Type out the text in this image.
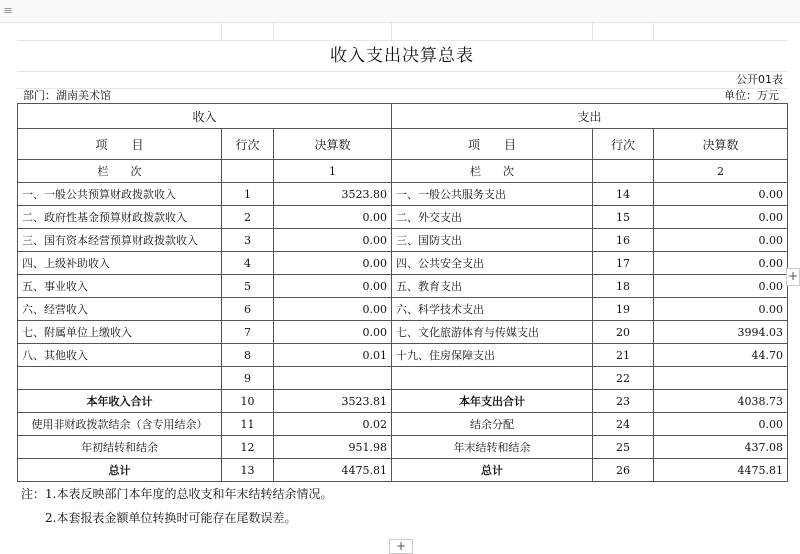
≡
收入支出决算总表
公开01表
部门：湖南美术馆	单位：万元
收入			支出		
项　　目	行次	决算数	项　　目	行次	决算数
栏　　次		1	栏　　次		2
一、一般公共预算财政拨款收入	1	3523.80	一、一般公共服务支出	14	0.00
二、政府性基金预算财政拨款收入	2	0.00	二、外交支出	15	0.00
三、国有资本经营预算财政拨款收入	3	0.00	三、国防支出	16	0.00
四、上级补助收入	4	0.00	四、公共安全支出	17	0.00
五、事业收入	5	0.00	五、教育支出	18	0.00
六、经营收入	6	0.00	六、科学技术支出	19	0.00
七、附属单位上缴收入	7	0.00	七、文化旅游体育与传媒支出	20	3994.03
八、其他收入	8	0.01	十九、住房保障支出	21	44.70
	9			22	
本年收入合计	10	3523.81	本年支出合计	23	4038.73
使用非财政拨款结余（含专用结余）	11	0.02	结余分配	24	0.00
年初结转和结余	12	951.98	年末结转和结余	25	437.08
总计	13	4475.81	总计	26	4475.81
注：1.本表反映部门本年度的总收支和年末结转结余情况。
2.本套报表金额单位转换时可能存在尾数误差。
+
+
